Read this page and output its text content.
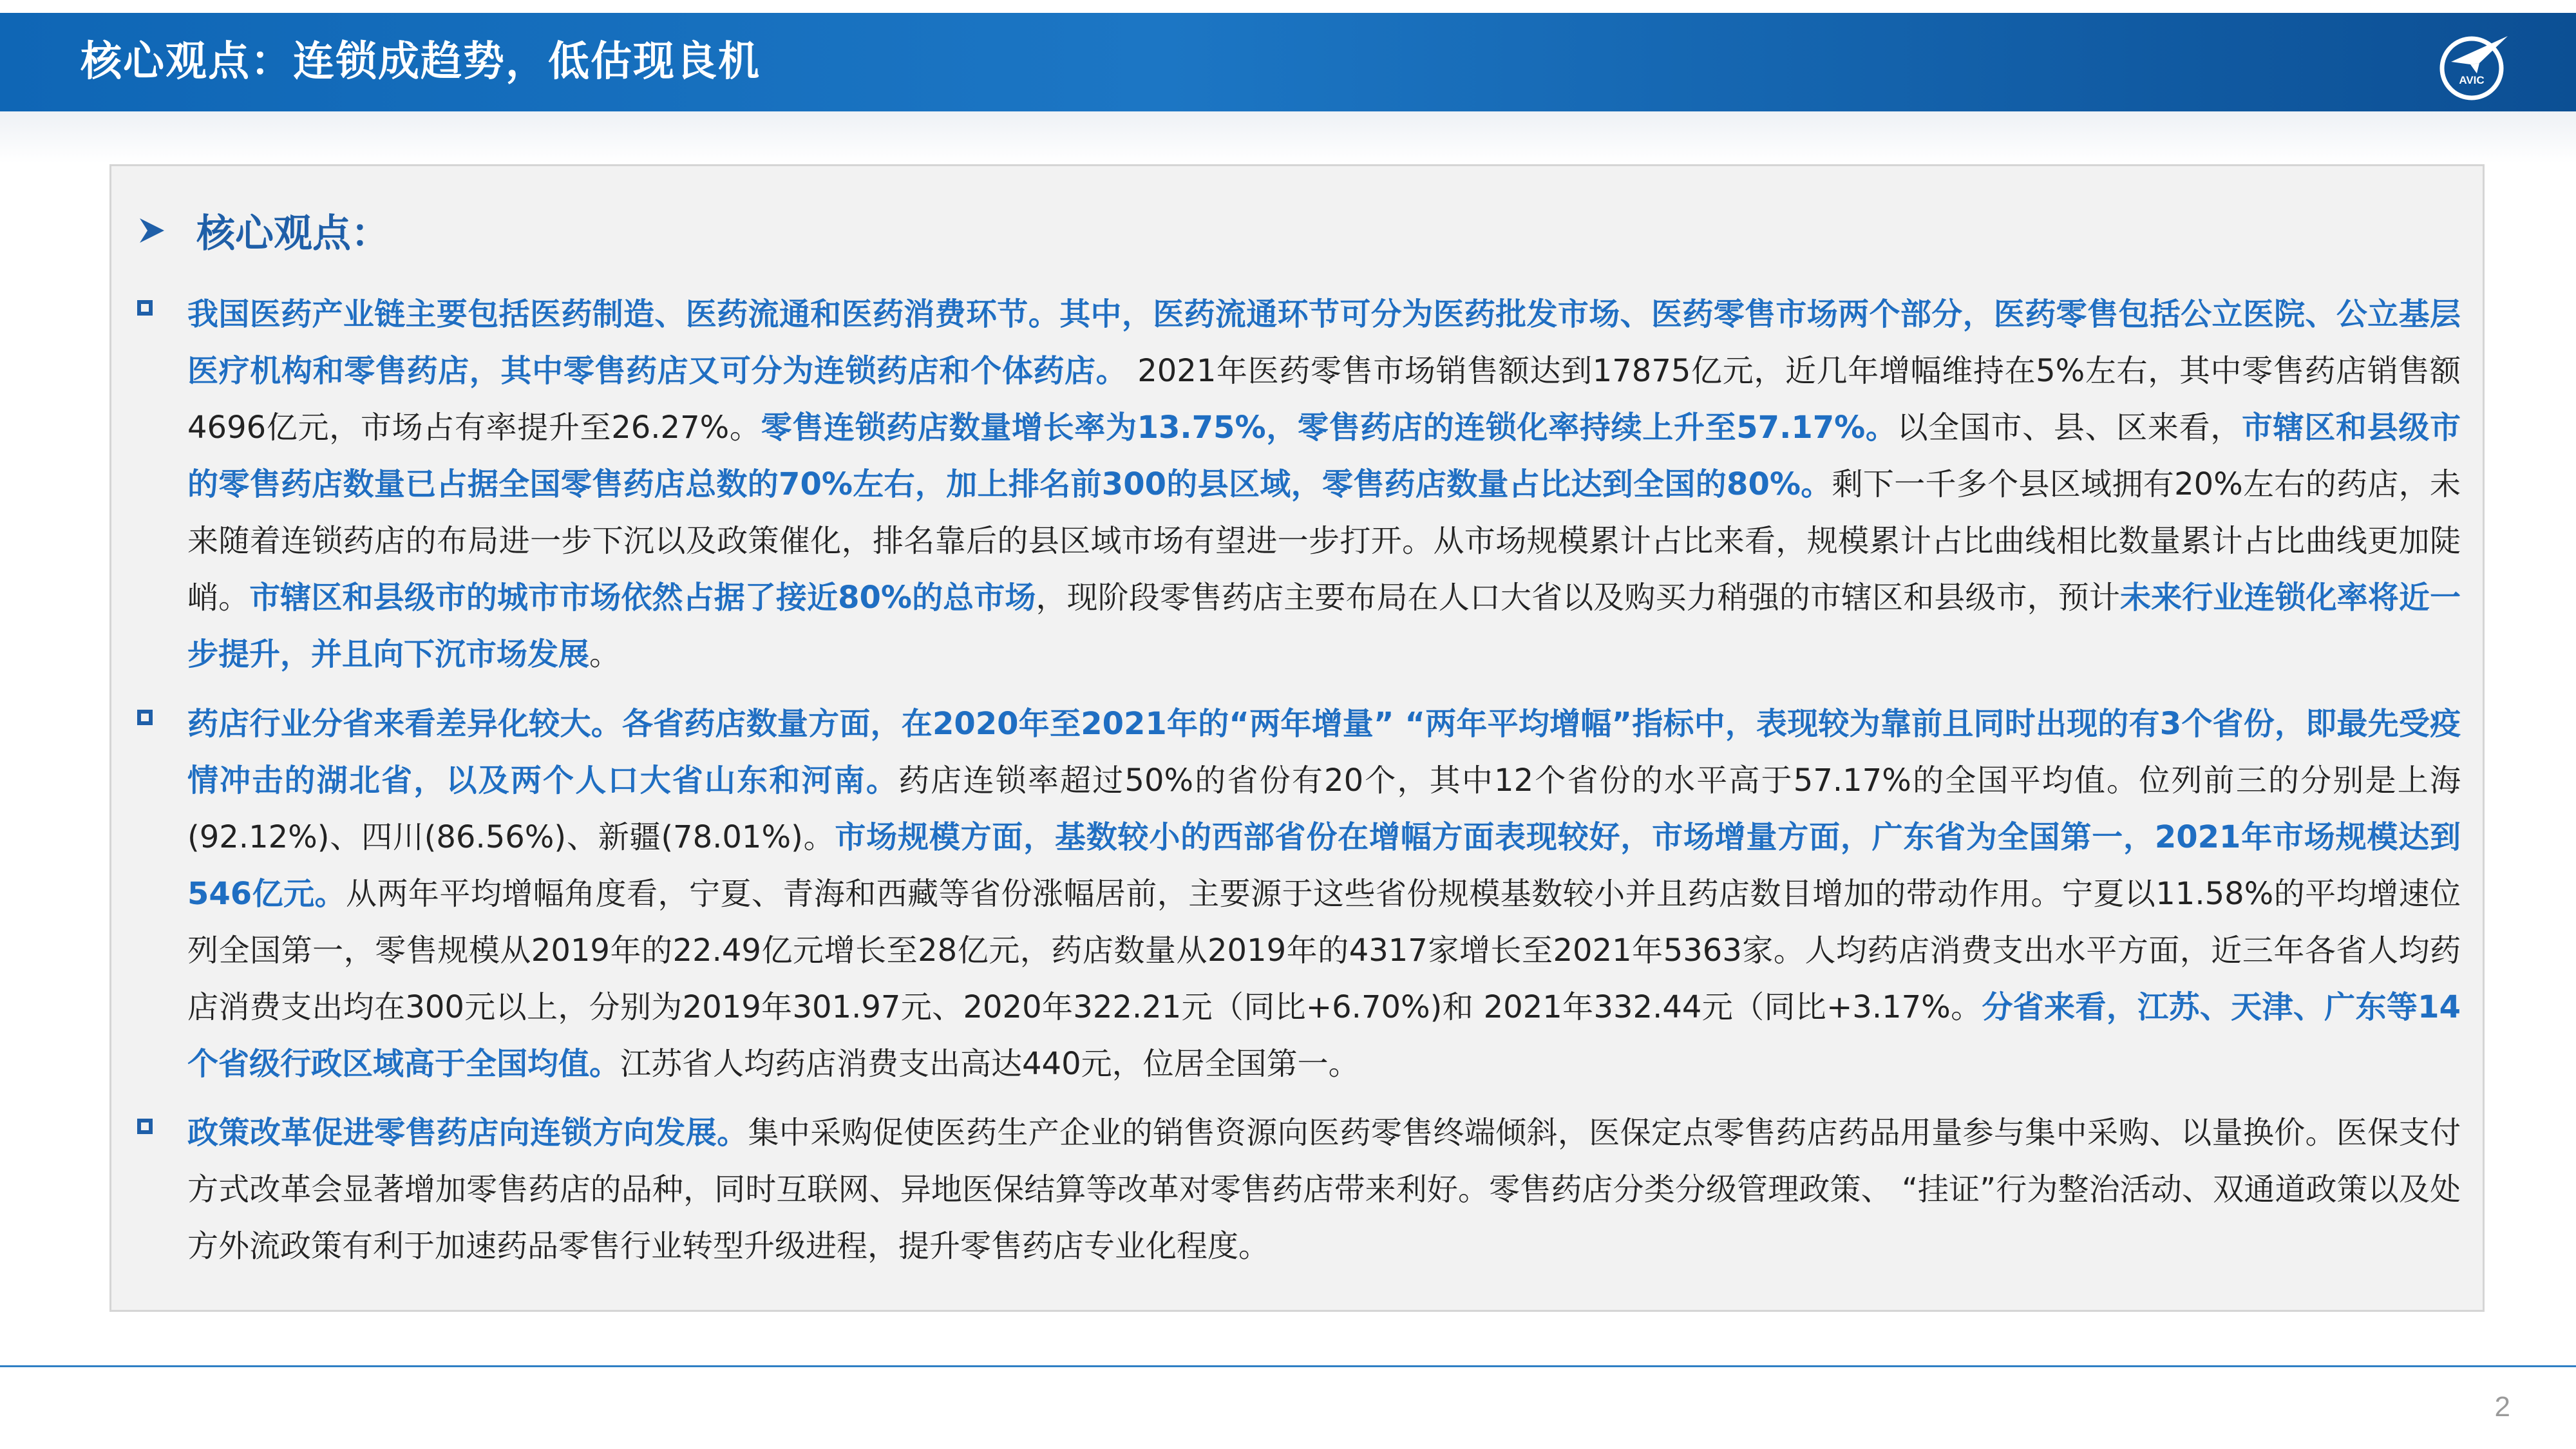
核心观点：连锁成趋势，低估现良机	AVIC
核心观点：
我国医药产业链主要包括医药制造、医药流通和医药消费环节。其中，医药流通环节可分为医药批发市场、医药零售市场两个部分，医药零售包括公立医院、公立基层医疗机构和零售药店，其中零售药店又可分为连锁药店和个体药店。 2021年医药零售市场销售额达到17875亿元，近几年增幅维持在5%左右，其中零售药店销售额4696亿元，市场占有率提升至26.27%。零售连锁药店数量增长率为13.75%，零售药店的连锁化率持续上升至57.17%。以全国市、县、区来看，市辖区和县级市的零售药店数量已占据全国零售药店总数的70%左右，加上排名前300的县区域，零售药店数量占比达到全国的80%。剩下一千多个县区域拥有20%左右的药店，未来随着连锁药店的布局进一步下沉以及政策催化，排名靠后的县区域市场有望进一步打开。从市场规模累计占比来看，规模累计占比曲线相比数量累计占比曲线更加陡峭。市辖区和县级市的城市市场依然占据了接近80%的总市场，现阶段零售药店主要布局在人口大省以及购买力稍强的市辖区和县级市，预计未来行业连锁化率将近一步提升，并且向下沉市场发展。
药店行业分省来看差异化较大。各省药店数量方面，在2020年至2021年的“两年增量” “两年平均增幅”指标中，表现较为靠前且同时出现的有3个省份，即最先受疫情冲击的湖北省，以及两个人口大省山东和河南。药店连锁率超过50%的省份有20个，其中12个省份的水平高于57.17%的全国平均值。位列前三的分别是上海(92.12%)、四川(86.56%)、新疆(78.01%)。市场规模方面，基数较小的西部省份在增幅方面表现较好，市场增量方面，广东省为全国第一，2021年市场规模达到546亿元。从两年平均增幅角度看，宁夏、青海和西藏等省份涨幅居前，主要源于这些省份规模基数较小并且药店数目增加的带动作用。宁夏以11.58%的平均增速位列全国第一，零售规模从2019年的22.49亿元增长至28亿元，药店数量从2019年的4317家增长至2021年5363家。人均药店消费支出水平方面，近三年各省人均药店消费支出均在300元以上，分别为2019年301.97元、2020年322.21元（同比+6.70%)和 2021年332.44元（同比+3.17%。分省来看，江苏、天津、广东等14个省级行政区域高于全国均值。江苏省人均药店消费支出高达440元，位居全国第一。
政策改革促进零售药店向连锁方向发展。集中采购促使医药生产企业的销售资源向医药零售终端倾斜，医保定点零售药店药品用量参与集中采购、以量换价。医保支付方式改革会显著增加零售药店的品种，同时互联网、异地医保结算等改革对零售药店带来利好。零售药店分类分级管理政策、 “挂证”行为整治活动、双通道政策以及处方外流政策有利于加速药品零售行业转型升级进程，提升零售药店专业化程度。
2
